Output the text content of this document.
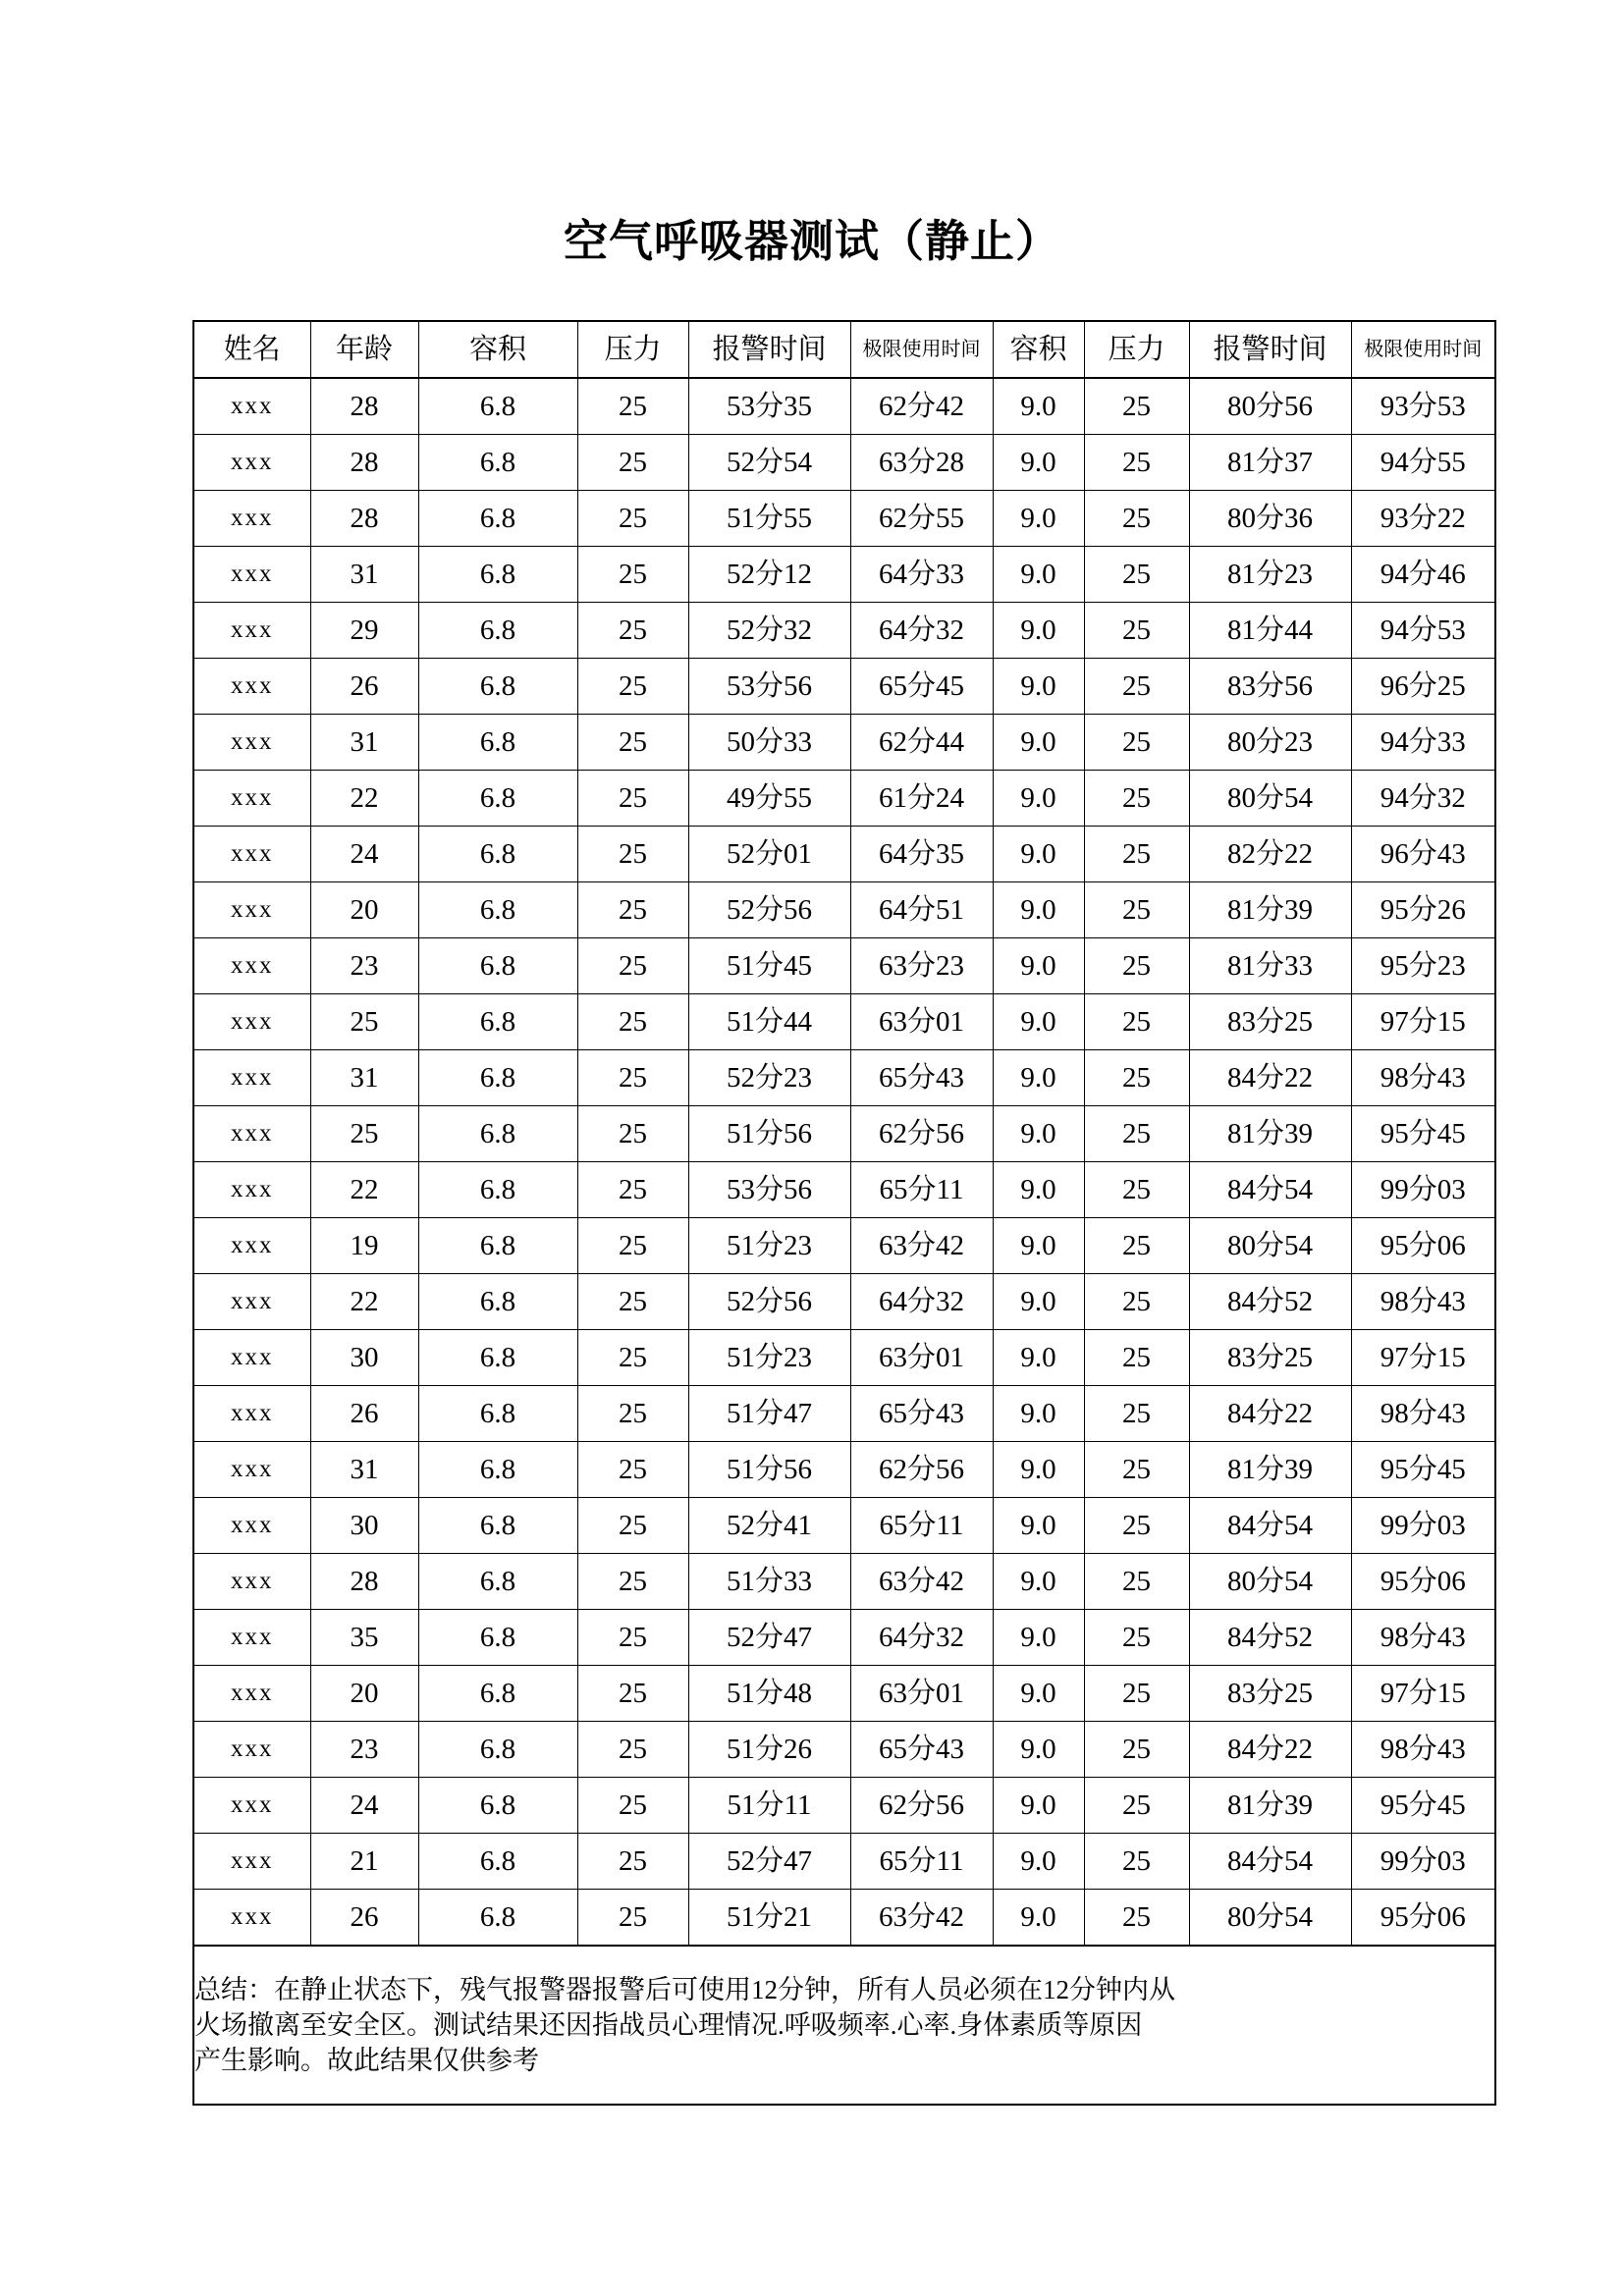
空气呼吸器测试（静止）
姓名	年龄	容积	压力	报警时间	极限使用时间	容积	压力	报警时间	极限使用时间
xxx	28	6.8	25	53分35	62分42	9.0	25	80分56	93分53
xxx	28	6.8	25	52分54	63分28	9.0	25	81分37	94分55
xxx	28	6.8	25	51分55	62分55	9.0	25	80分36	93分22
xxx	31	6.8	25	52分12	64分33	9.0	25	81分23	94分46
xxx	29	6.8	25	52分32	64分32	9.0	25	81分44	94分53
xxx	26	6.8	25	53分56	65分45	9.0	25	83分56	96分25
xxx	31	6.8	25	50分33	62分44	9.0	25	80分23	94分33
xxx	22	6.8	25	49分55	61分24	9.0	25	80分54	94分32
xxx	24	6.8	25	52分01	64分35	9.0	25	82分22	96分43
xxx	20	6.8	25	52分56	64分51	9.0	25	81分39	95分26
xxx	23	6.8	25	51分45	63分23	9.0	25	81分33	95分23
xxx	25	6.8	25	51分44	63分01	9.0	25	83分25	97分15
xxx	31	6.8	25	52分23	65分43	9.0	25	84分22	98分43
xxx	25	6.8	25	51分56	62分56	9.0	25	81分39	95分45
xxx	22	6.8	25	53分56	65分11	9.0	25	84分54	99分03
xxx	19	6.8	25	51分23	63分42	9.0	25	80分54	95分06
xxx	22	6.8	25	52分56	64分32	9.0	25	84分52	98分43
xxx	30	6.8	25	51分23	63分01	9.0	25	83分25	97分15
xxx	26	6.8	25	51分47	65分43	9.0	25	84分22	98分43
xxx	31	6.8	25	51分56	62分56	9.0	25	81分39	95分45
xxx	30	6.8	25	52分41	65分11	9.0	25	84分54	99分03
xxx	28	6.8	25	51分33	63分42	9.0	25	80分54	95分06
xxx	35	6.8	25	52分47	64分32	9.0	25	84分52	98分43
xxx	20	6.8	25	51分48	63分01	9.0	25	83分25	97分15
xxx	23	6.8	25	51分26	65分43	9.0	25	84分22	98分43
xxx	24	6.8	25	51分11	62分56	9.0	25	81分39	95分45
xxx	21	6.8	25	52分47	65分11	9.0	25	84分54	99分03
xxx	26	6.8	25	51分21	63分42	9.0	25	80分54	95分06

总结：在静止状态下，残气报警器报警后可使用12分钟，所有人员必须在12分钟内从
火场撤离至安全区。测试结果还因指战员心理情况.呼吸频率.心率.身体素质等原因
产生影响。故此结果仅供参考									
